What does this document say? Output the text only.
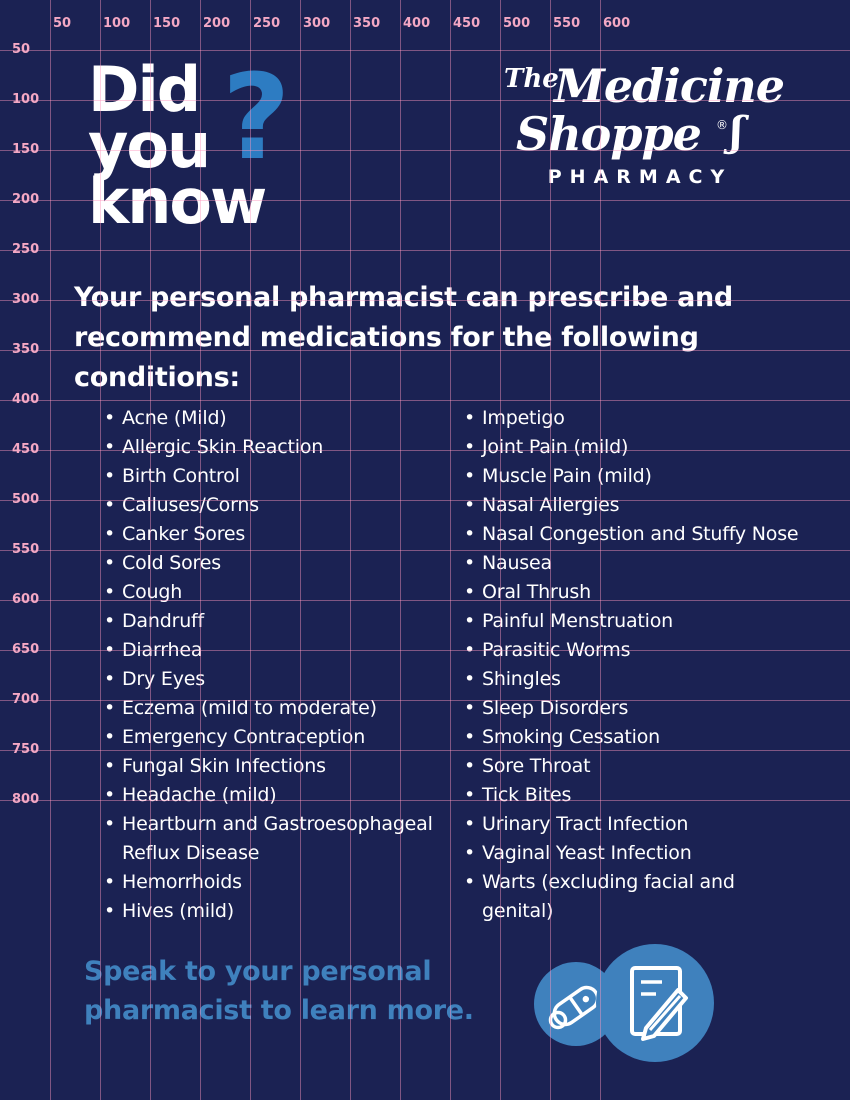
Did
you
know
?	The
Medicine
Shoppe ® ʃ
PHARMACY
Your personal pharmacist can prescribe and recommend medications for the following conditions:
• Acne (Mild)
• Allergic Skin Reaction
• Birth Control
• Calluses/Corns
• Canker Sores
• Cold Sores
• Cough
• Dandruff
• Diarrhea
• Dry Eyes
• Eczema (mild to moderate)
• Emergency Contraception
• Fungal Skin Infections
• Headache (mild)
• Heartburn and Gastroesophageal Reflux Disease
• Hemorrhoids
• Hives (mild)
• Impetigo
• Joint Pain (mild)
• Muscle Pain (mild)
• Nasal Allergies
• Nasal Congestion and Stuffy Nose
• Nausea
• Oral Thrush
• Painful Menstruation
• Parasitic Worms
• Shingles
• Sleep Disorders
• Smoking Cessation
• Sore Throat
• Tick Bites
• Urinary Tract Infection
• Vaginal Yeast Infection
• Warts (excluding facial and genital)
Speak to your personal
pharmacist to learn more.
50 100 150 200 250 300 350 400 450 500 550 600
50
100
150
200
250
300
350
400
450
500
550
600
650
700
750
800
